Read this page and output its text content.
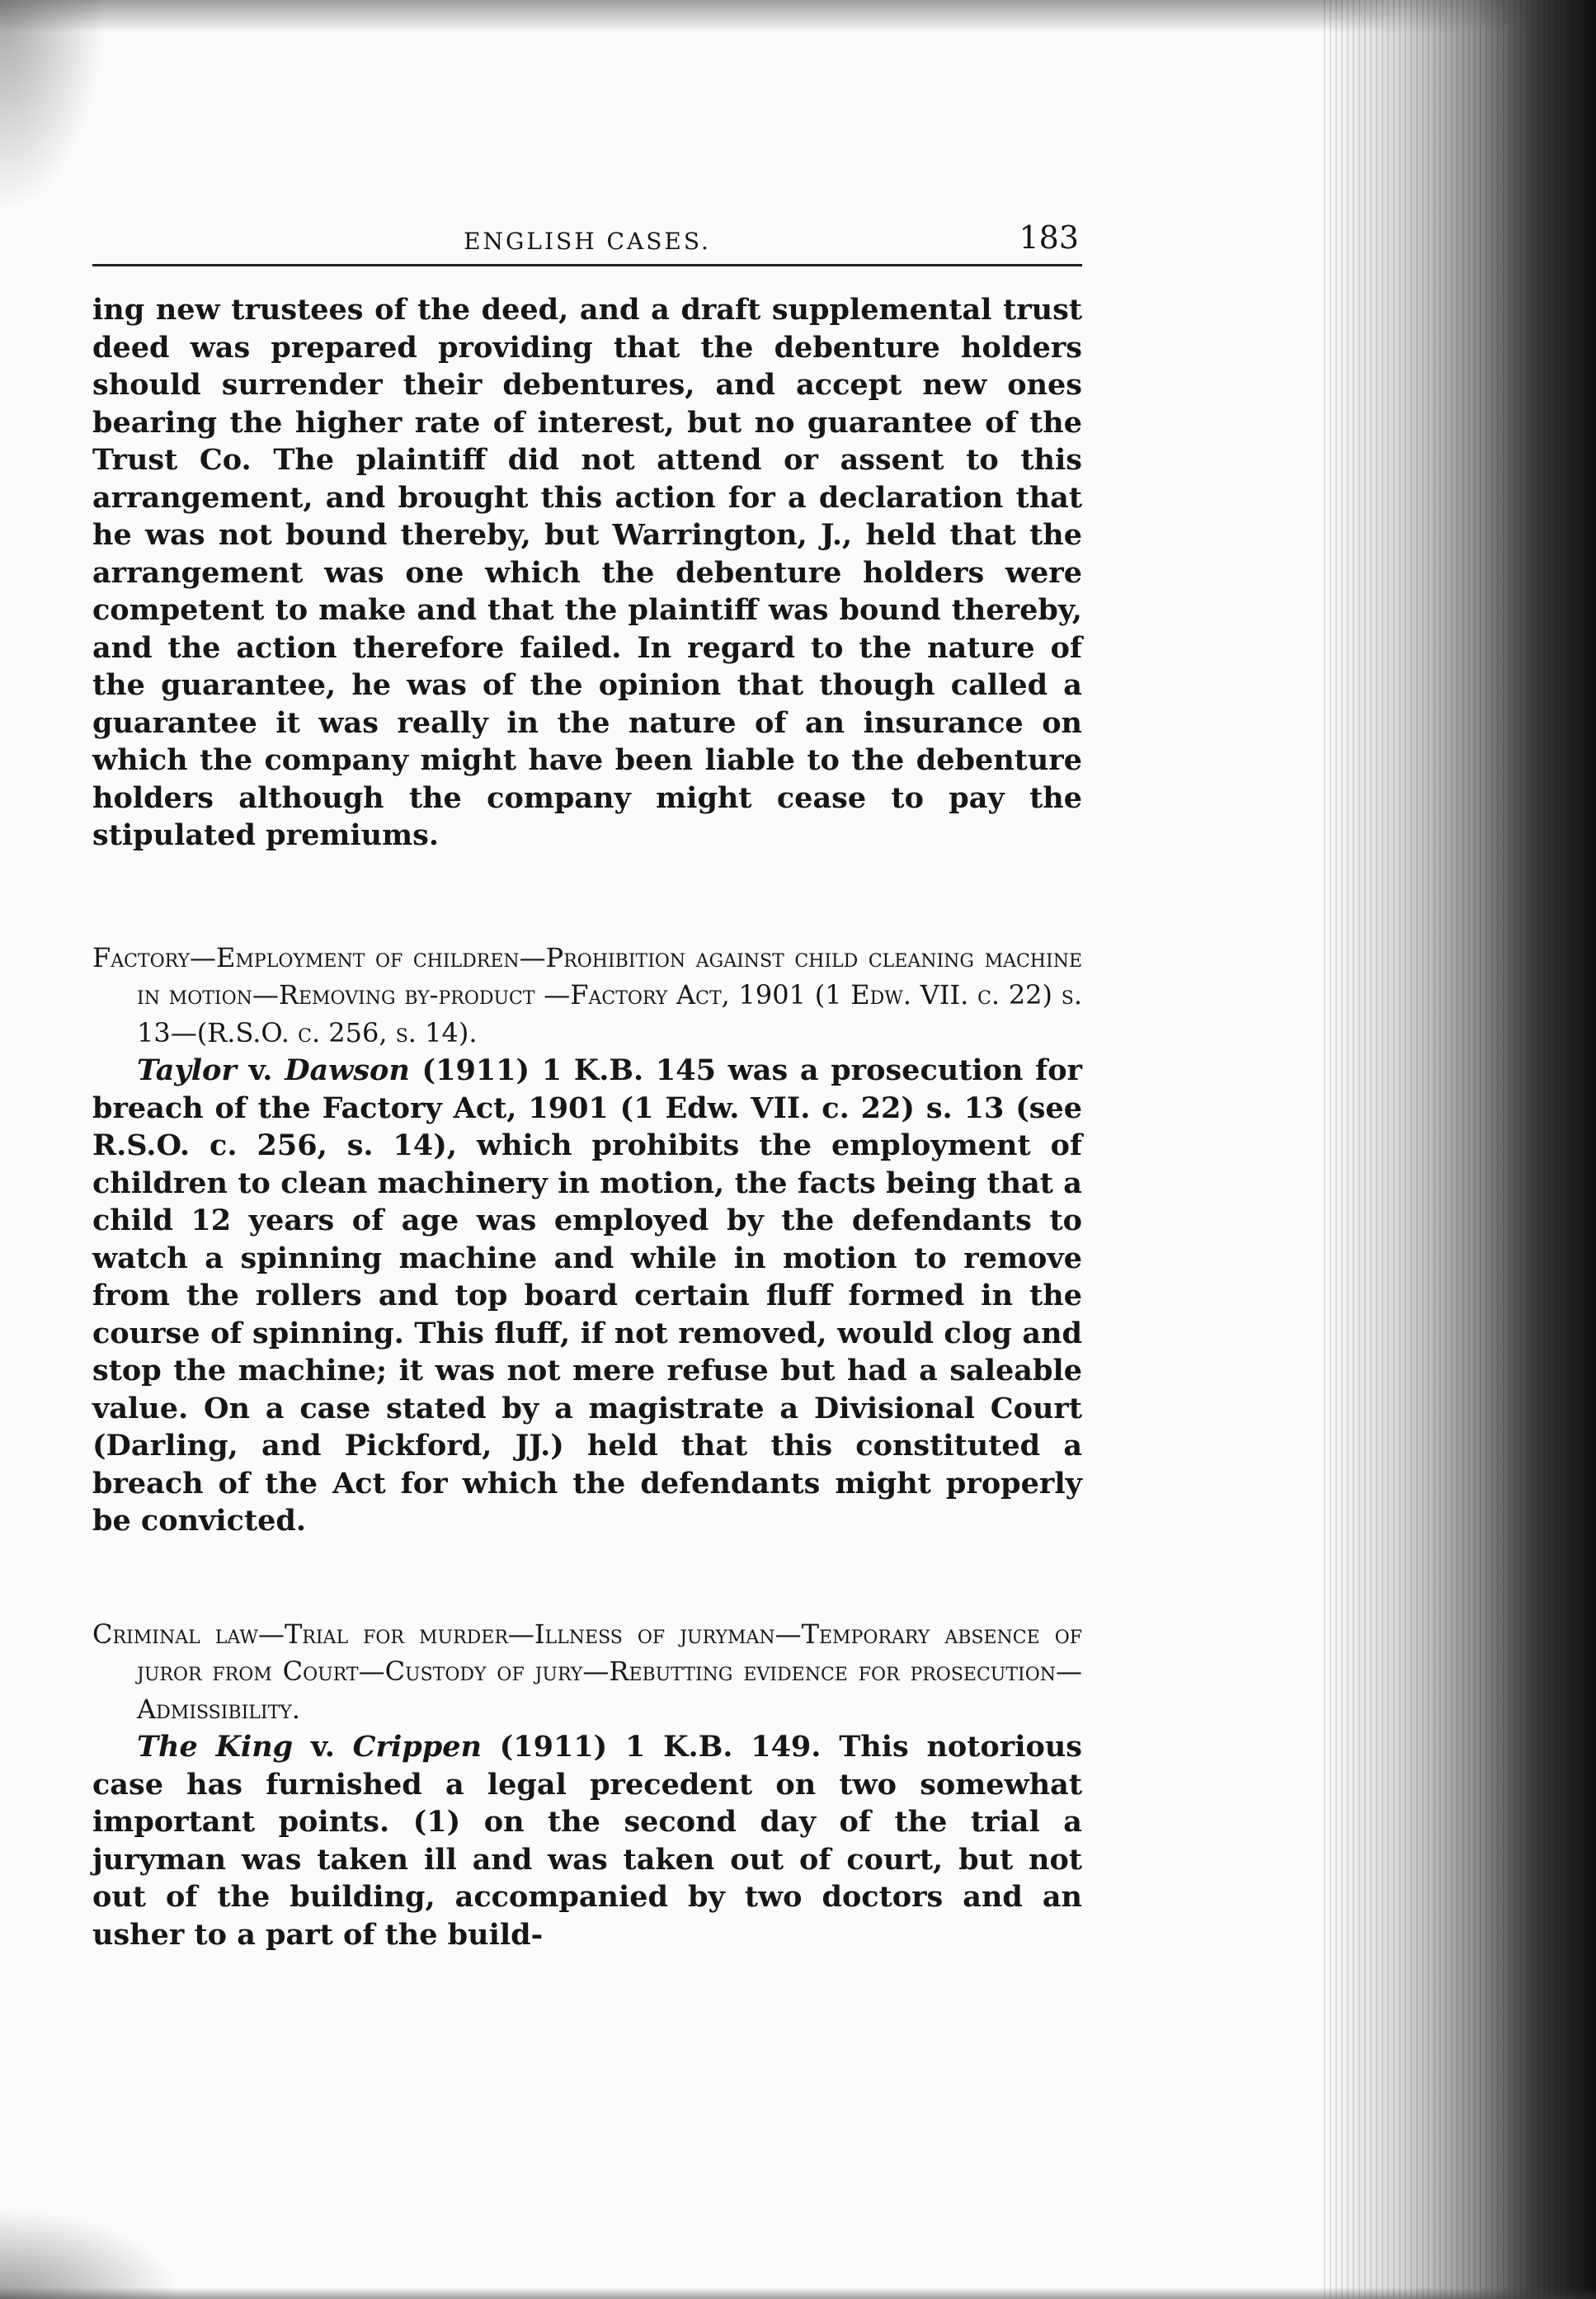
ENGLISH CASES.	183

ing new trustees of the deed, and a draft supplemental trust deed was prepared providing that the debenture holders should surrender their debentures, and accept new ones bearing the higher rate of interest, but no guarantee of the Trust Co. The plaintiff did not attend or assent to this arrangement, and brought this action for a declaration that he was not bound thereby, but Warrington, J., held that the arrangement was one which the debenture holders were competent to make and that the plaintiff was bound thereby, and the action therefore failed. In regard to the nature of the guarantee, he was of the opinion that though called a guarantee it was really in the nature of an insurance on which the company might have been liable to the debenture holders although the company might cease to pay the stipulated premiums.

Factory—Employment of children—Prohibition against child cleaning machine in motion—Removing by-product —Factory Act, 1901 (1 Edw. VII. c. 22) s. 13—(R.S.O. c. 256, s. 14).

Taylor v. Dawson (1911) 1 K.B. 145 was a prosecution for breach of the Factory Act, 1901 (1 Edw. VII. c. 22) s. 13 (see R.S.O. c. 256, s. 14), which prohibits the employment of children to clean machinery in motion, the facts being that a child 12 years of age was employed by the defendants to watch a spinning machine and while in motion to remove from the rollers and top board certain fluff formed in the course of spinning. This fluff, if not removed, would clog and stop the machine; it was not mere refuse but had a saleable value. On a case stated by a magistrate a Divisional Court (Darling, and Pickford, JJ.) held that this constituted a breach of the Act for which the defendants might properly be convicted.

Criminal law—Trial for murder—Illness of juryman—Temporary absence of juror from Court—Custody of jury—Rebutting evidence for prosecution—Admissibility.

The King v. Crippen (1911) 1 K.B. 149. This notorious case has furnished a legal precedent on two somewhat important points. (1) on the second day of the trial a juryman was taken ill and was taken out of court, but not out of the building, accompanied by two doctors and an usher to a part of the build-
